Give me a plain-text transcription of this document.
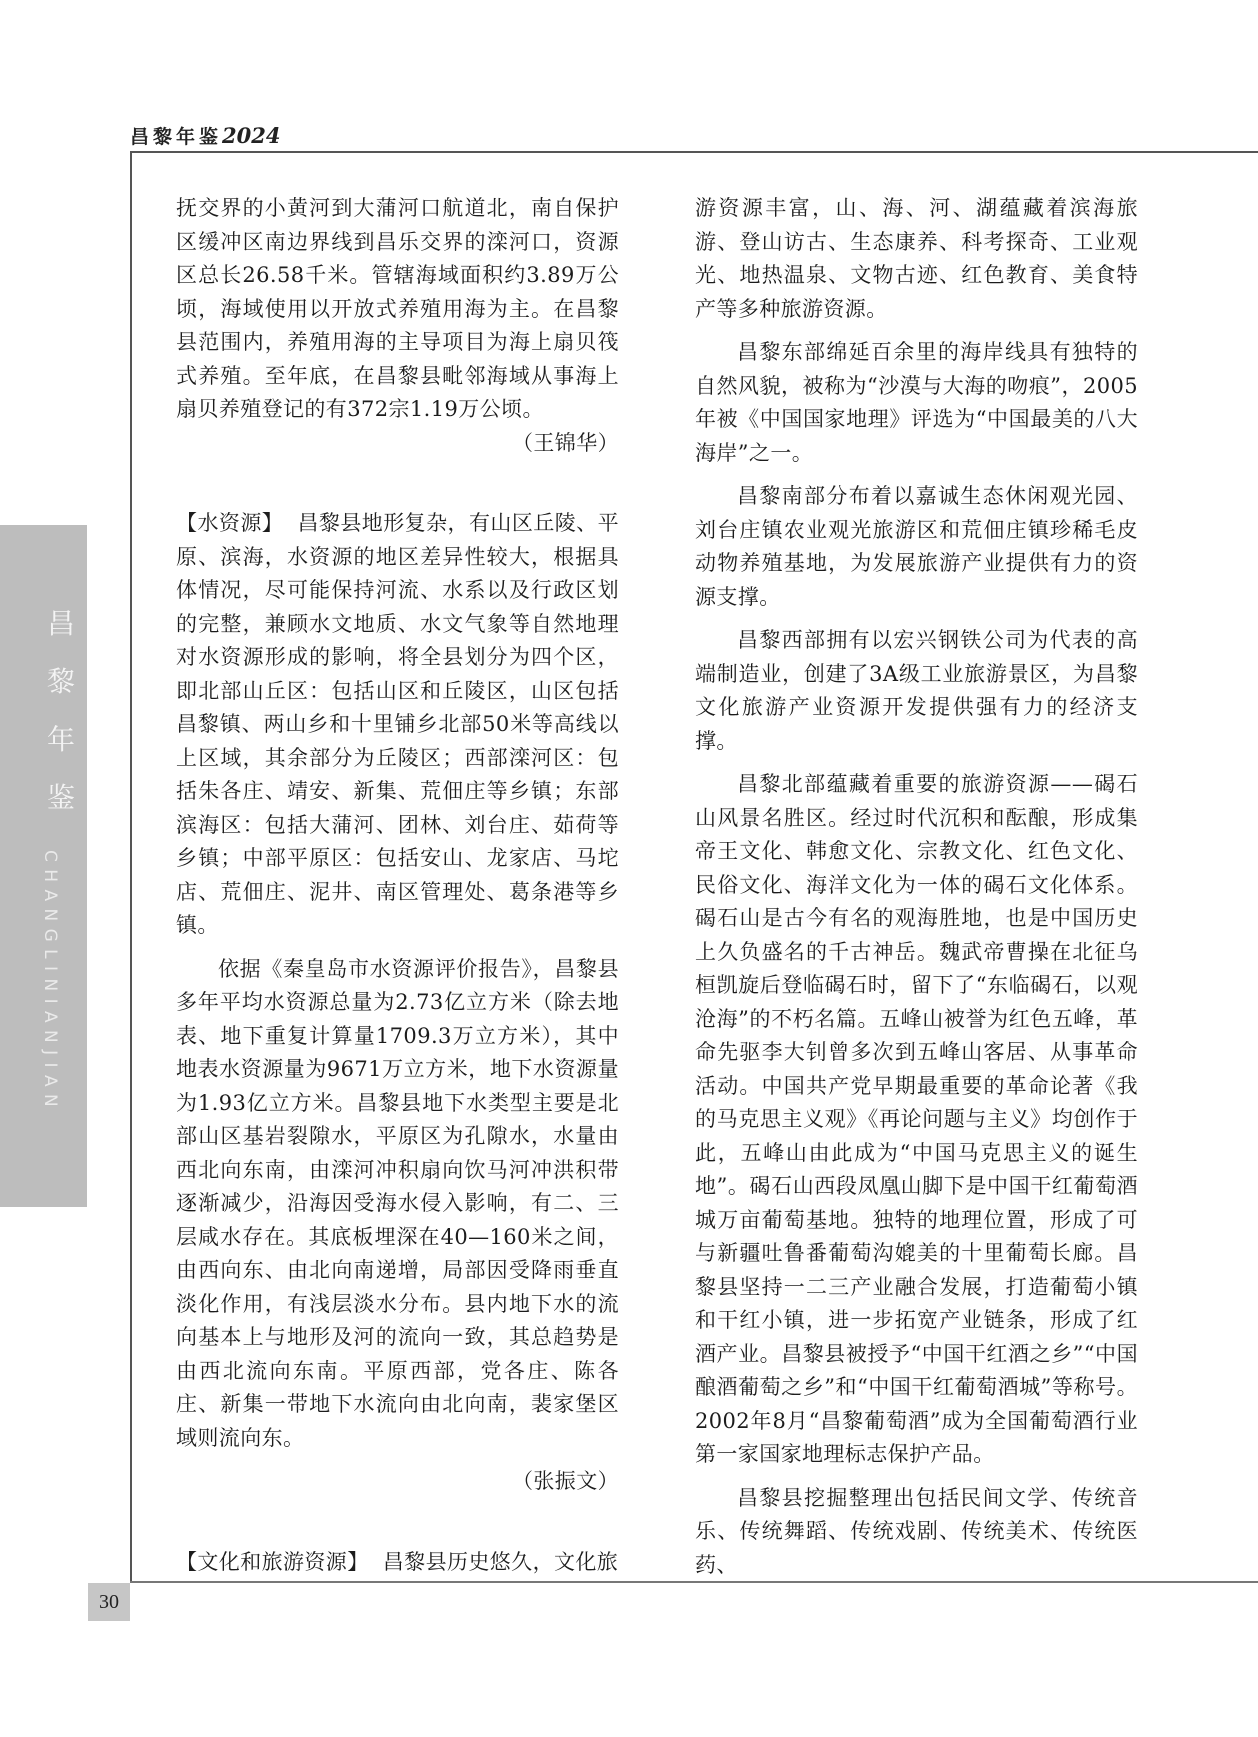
昌黎年鉴2024
昌
黎
年
鉴
CHANGLINIANJIAN
30

抚交界的小黄河到大蒲河口航道北，南自保护区缓冲区南边界线到昌乐交界的滦河口，资源区总长26.58千米。管辖海域面积约3.89万公顷，海域使用以开放式养殖用海为主。在昌黎县范围内，养殖用海的主导项目为海上扇贝筏式养殖。至年底，在昌黎县毗邻海域从事海上扇贝养殖登记的有372宗1.19万公顷。

（王锦华）

【水资源】 昌黎县地形复杂，有山区丘陵、平原、滨海，水资源的地区差异性较大，根据具体情况，尽可能保持河流、水系以及行政区划的完整，兼顾水文地质、水文气象等自然地理对水资源形成的影响，将全县划分为四个区，即北部山丘区：包括山区和丘陵区，山区包括昌黎镇、两山乡和十里铺乡北部50米等高线以上区域，其余部分为丘陵区；西部滦河区：包括朱各庄、靖安、新集、荒佃庄等乡镇；东部滨海区：包括大蒲河、团林、刘台庄、茹荷等乡镇；中部平原区：包括安山、龙家店、马坨店、荒佃庄、泥井、南区管理处、葛条港等乡镇。

依据《秦皇岛市水资源评价报告》，昌黎县多年平均水资源总量为2.73亿立方米（除去地表、地下重复计算量1709.3万立方米），其中地表水资源量为9671万立方米，地下水资源量为1.93亿立方米。昌黎县地下水类型主要是北部山区基岩裂隙水，平原区为孔隙水，水量由西北向东南，由滦河冲积扇向饮马河冲洪积带逐渐减少，沿海因受海水侵入影响，有二、三层咸水存在。其底板埋深在40—160米之间，由西向东、由北向南递增，局部因受降雨垂直淡化作用，有浅层淡水分布。县内地下水的流向基本上与地形及河的流向一致，其总趋势是由西北流向东南。平原西部，党各庄、陈各庄、新集一带地下水流向由北向南，裴家堡区域则流向东。

（张振文）

【文化和旅游资源】 昌黎县历史悠久，文化旅

游资源丰富，山、海、河、湖蕴藏着滨海旅游、登山访古、生态康养、科考探奇、工业观光、地热温泉、文物古迹、红色教育、美食特产等多种旅游资源。

昌黎东部绵延百余里的海岸线具有独特的自然风貌，被称为“沙漠与大海的吻痕”，2005年被《中国国家地理》评选为“中国最美的八大海岸”之一。

昌黎南部分布着以嘉诚生态休闲观光园、刘台庄镇农业观光旅游区和荒佃庄镇珍稀毛皮动物养殖基地，为发展旅游产业提供有力的资源支撑。

昌黎西部拥有以宏兴钢铁公司为代表的高端制造业，创建了3A级工业旅游景区，为昌黎文化旅游产业资源开发提供强有力的经济支撑。

昌黎北部蕴藏着重要的旅游资源——碣石山风景名胜区。经过时代沉积和酝酿，形成集帝王文化、韩愈文化、宗教文化、红色文化、民俗文化、海洋文化为一体的碣石文化体系。碣石山是古今有名的观海胜地，也是中国历史上久负盛名的千古神岳。魏武帝曹操在北征乌桓凯旋后登临碣石时，留下了“东临碣石，以观沧海”的不朽名篇。五峰山被誉为红色五峰，革命先驱李大钊曾多次到五峰山客居、从事革命活动。中国共产党早期最重要的革命论著《我的马克思主义观》《再论问题与主义》均创作于此，五峰山由此成为“中国马克思主义的诞生地”。碣石山西段凤凰山脚下是中国干红葡萄酒城万亩葡萄基地。独特的地理位置，形成了可与新疆吐鲁番葡萄沟媲美的十里葡萄长廊。昌黎县坚持一二三产业融合发展，打造葡萄小镇和干红小镇，进一步拓宽产业链条，形成了红酒产业。昌黎县被授予“中国干红酒之乡”“中国酿酒葡萄之乡”和“中国干红葡萄酒城”等称号。2002年8月“昌黎葡萄酒”成为全国葡萄酒行业第一家国家地理标志保护产品。

昌黎县挖掘整理出包括民间文学、传统音乐、传统舞蹈、传统戏剧、传统美术、传统医药、
